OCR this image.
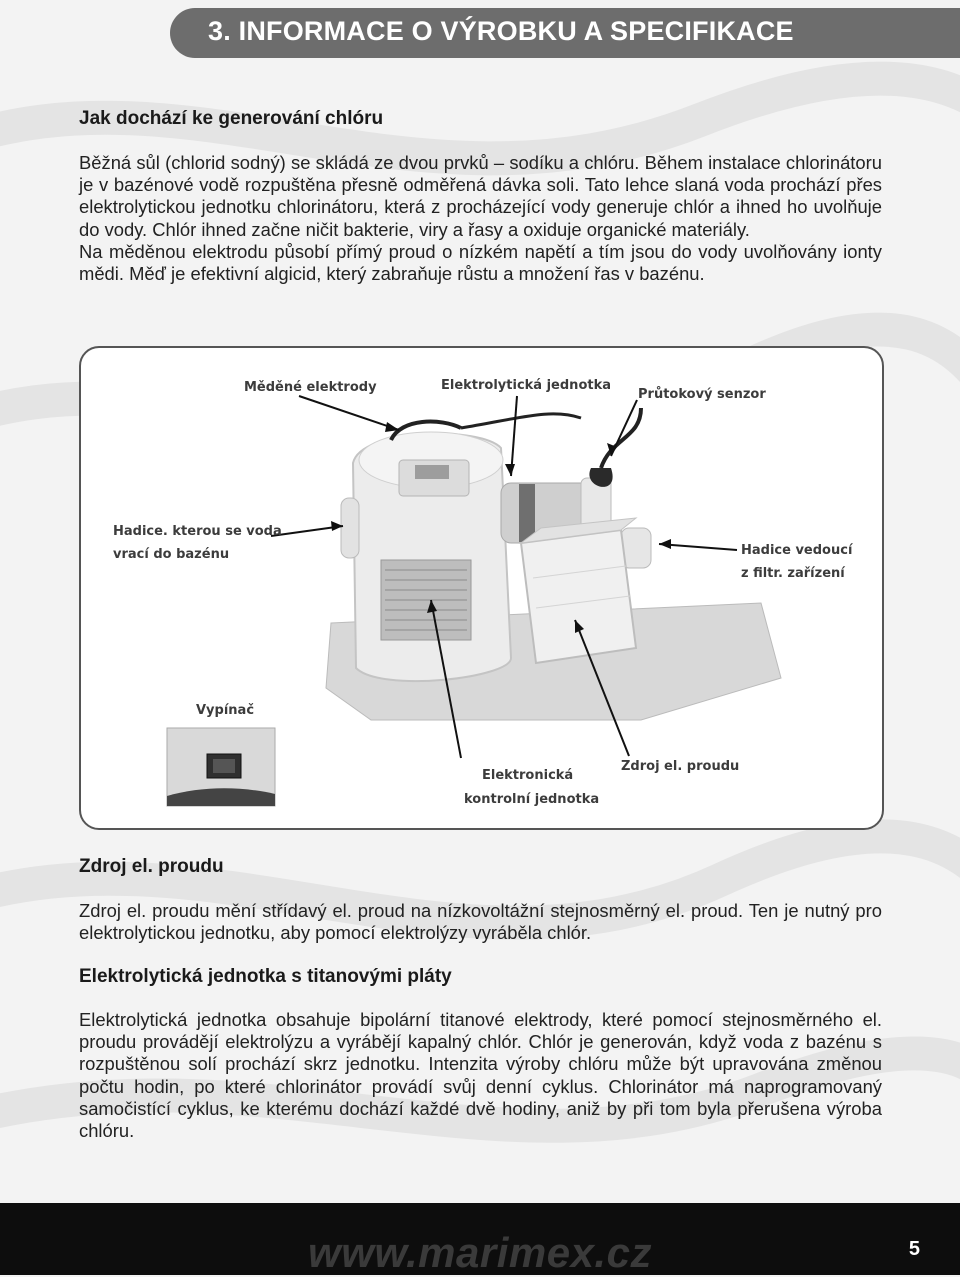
3. INFORMACE O VÝROBKU A SPECIFIKACE
Jak dochází ke generování chlóru

Běžná sůl (chlorid sodný) se skládá ze dvou prvků – sodíku a chlóru. Během instalace chlorinátoru je v bazénové vodě rozpuštěna přesně odměřená dávka soli. Tato lehce slaná voda prochází přes elektrolytickou jednotku chlorinátoru, která z procházející vody generuje chlór a ihned ho uvolňuje do vody. Chlór ihned začne ničit bakterie, viry a řasy a oxiduje organické materiály.

Na měděnou elektrodu působí přímý proud o nízkém napětí a tím jsou do vody uvolňovány ionty mědi. Měď je efektivní algicid, který zabraňuje růstu a množení řas v bazénu.

Měděné elektrody	Elektrolytická jednotka
Průtokový senzor
Hadice. kterou se voda
vrací do bazénu	Hadice vedoucí
z filtr. zařízení
Vypínač
Zdroj el. proudu
Elektronická
kontrolní jednotka
Zdroj el. proudu

Zdroj el. proudu mění střídavý el. proud na nízkovoltážní stejnosměrný el. proud. Ten je nutný pro elektrolytickou jednotku, aby pomocí elektrolýzy vyráběla chlór.

Elektrolytická jednotka s titanovými pláty

Elektrolytická jednotka obsahuje bipolární titanové elektrody, které pomocí stejnosměrného el. proudu provádějí elektrolýzu a vyrábějí kapalný chlór. Chlór je generován, když voda z bazénu s rozpuštěnou solí prochází skrz jednotku. Intenzita výroby chlóru může být upravována změnou počtu hodin, po které chlorinátor provádí svůj denní cyklus. Chlorinátor má naprogramovaný samočistící cyklus, ke kterému dochází každé dvě hodiny, aniž by při tom byla přerušena výroba chlóru.

www.marimex.cz	5
